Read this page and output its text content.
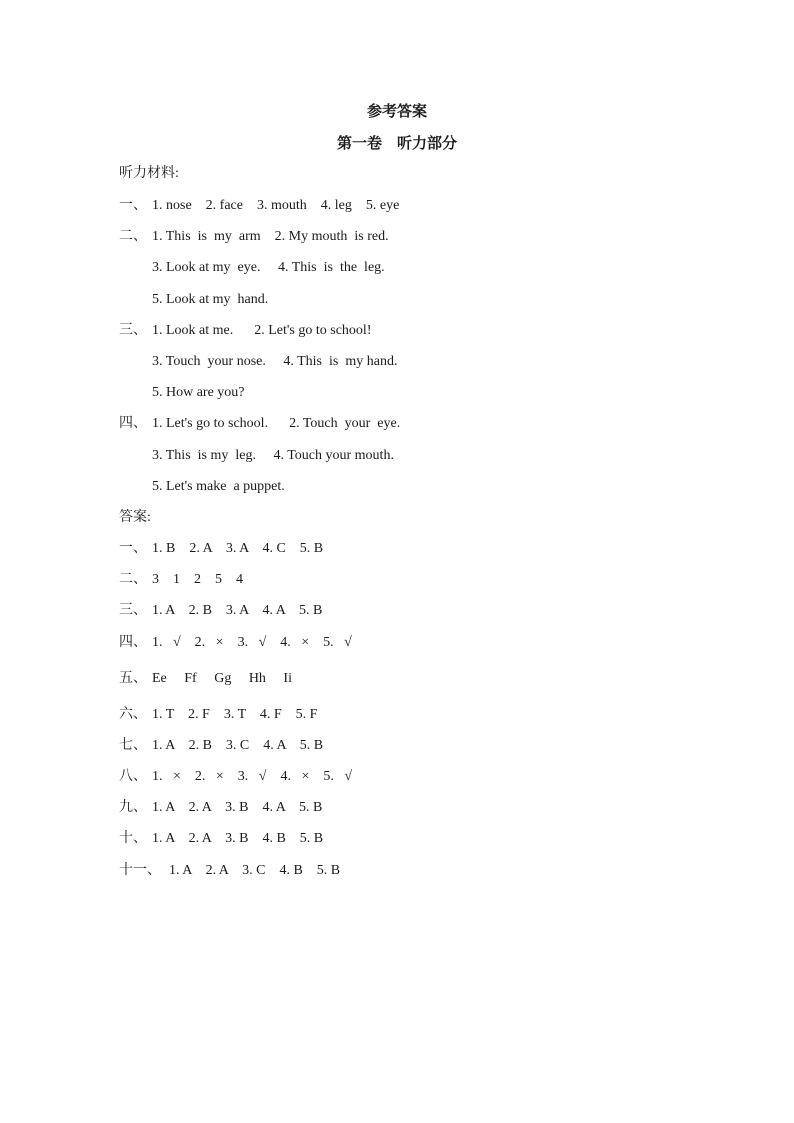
参考答案
第一卷　听力部分
听力材料:
一、 1. nose    2. face    3. mouth    4. leg    5. eye
二、 1. This  is  my  arm    2. My mouth  is red.
3. Look at my  eye.     4. This  is  the  leg.
5. Look at my  hand.
三、 1. Look at me.      2. Let's go to school!
3. Touch  your nose.     4. This  is  my hand.
5. How are you?
四、 1. Let's go to school.      2. Touch  your  eye.
3. This  is my  leg.     4. Touch your mouth.
5. Let's make  a puppet.
答案:
一、 1. B    2. A    3. A    4. C    5. B
二、 3    1    2    5    4
三、 1. A    2. B    3. A    4. A    5. B
四、 1.   √    2.   ×    3.   √    4.   ×    5.   √
五、 Ee     Ff     Gg     Hh     Ii
六、 1. T    2. F    3. T    4. F    5. F
七、 1. A    2. B    3. C    4. A    5. B
八、 1.   ×    2.   ×    3.   √    4.   ×    5.   √
九、 1. A    2. A    3. B    4. A    5. B
十、 1. A    2. A    3. B    4. B    5. B
十一、 1. A    2. A    3. C    4. B    5. B
